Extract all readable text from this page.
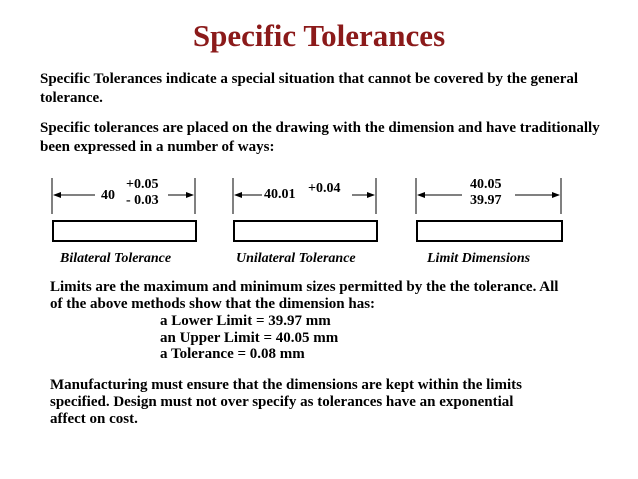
Specific Tolerances
Specific Tolerances indicate a special situation that cannot be covered by the general tolerance.
Specific tolerances are placed on the drawing with the dimension and have traditionally been expressed in a number of ways:
40
+0.05
- 0.03	40.01 +0.04	40.05
39.97
Bilateral Tolerance	Unilateral Tolerance	Limit Dimensions
Limits are the maximum and minimum sizes permitted by the the tolerance. All of the above methods show that the dimension has:
a Lower Limit = 39.97 mm
an Upper Limit = 40.05 mm
a Tolerance = 0.08 mm
Manufacturing must ensure that the dimensions are kept within the limits specified. Design must not over specify as tolerances have an exponential affect on cost.
